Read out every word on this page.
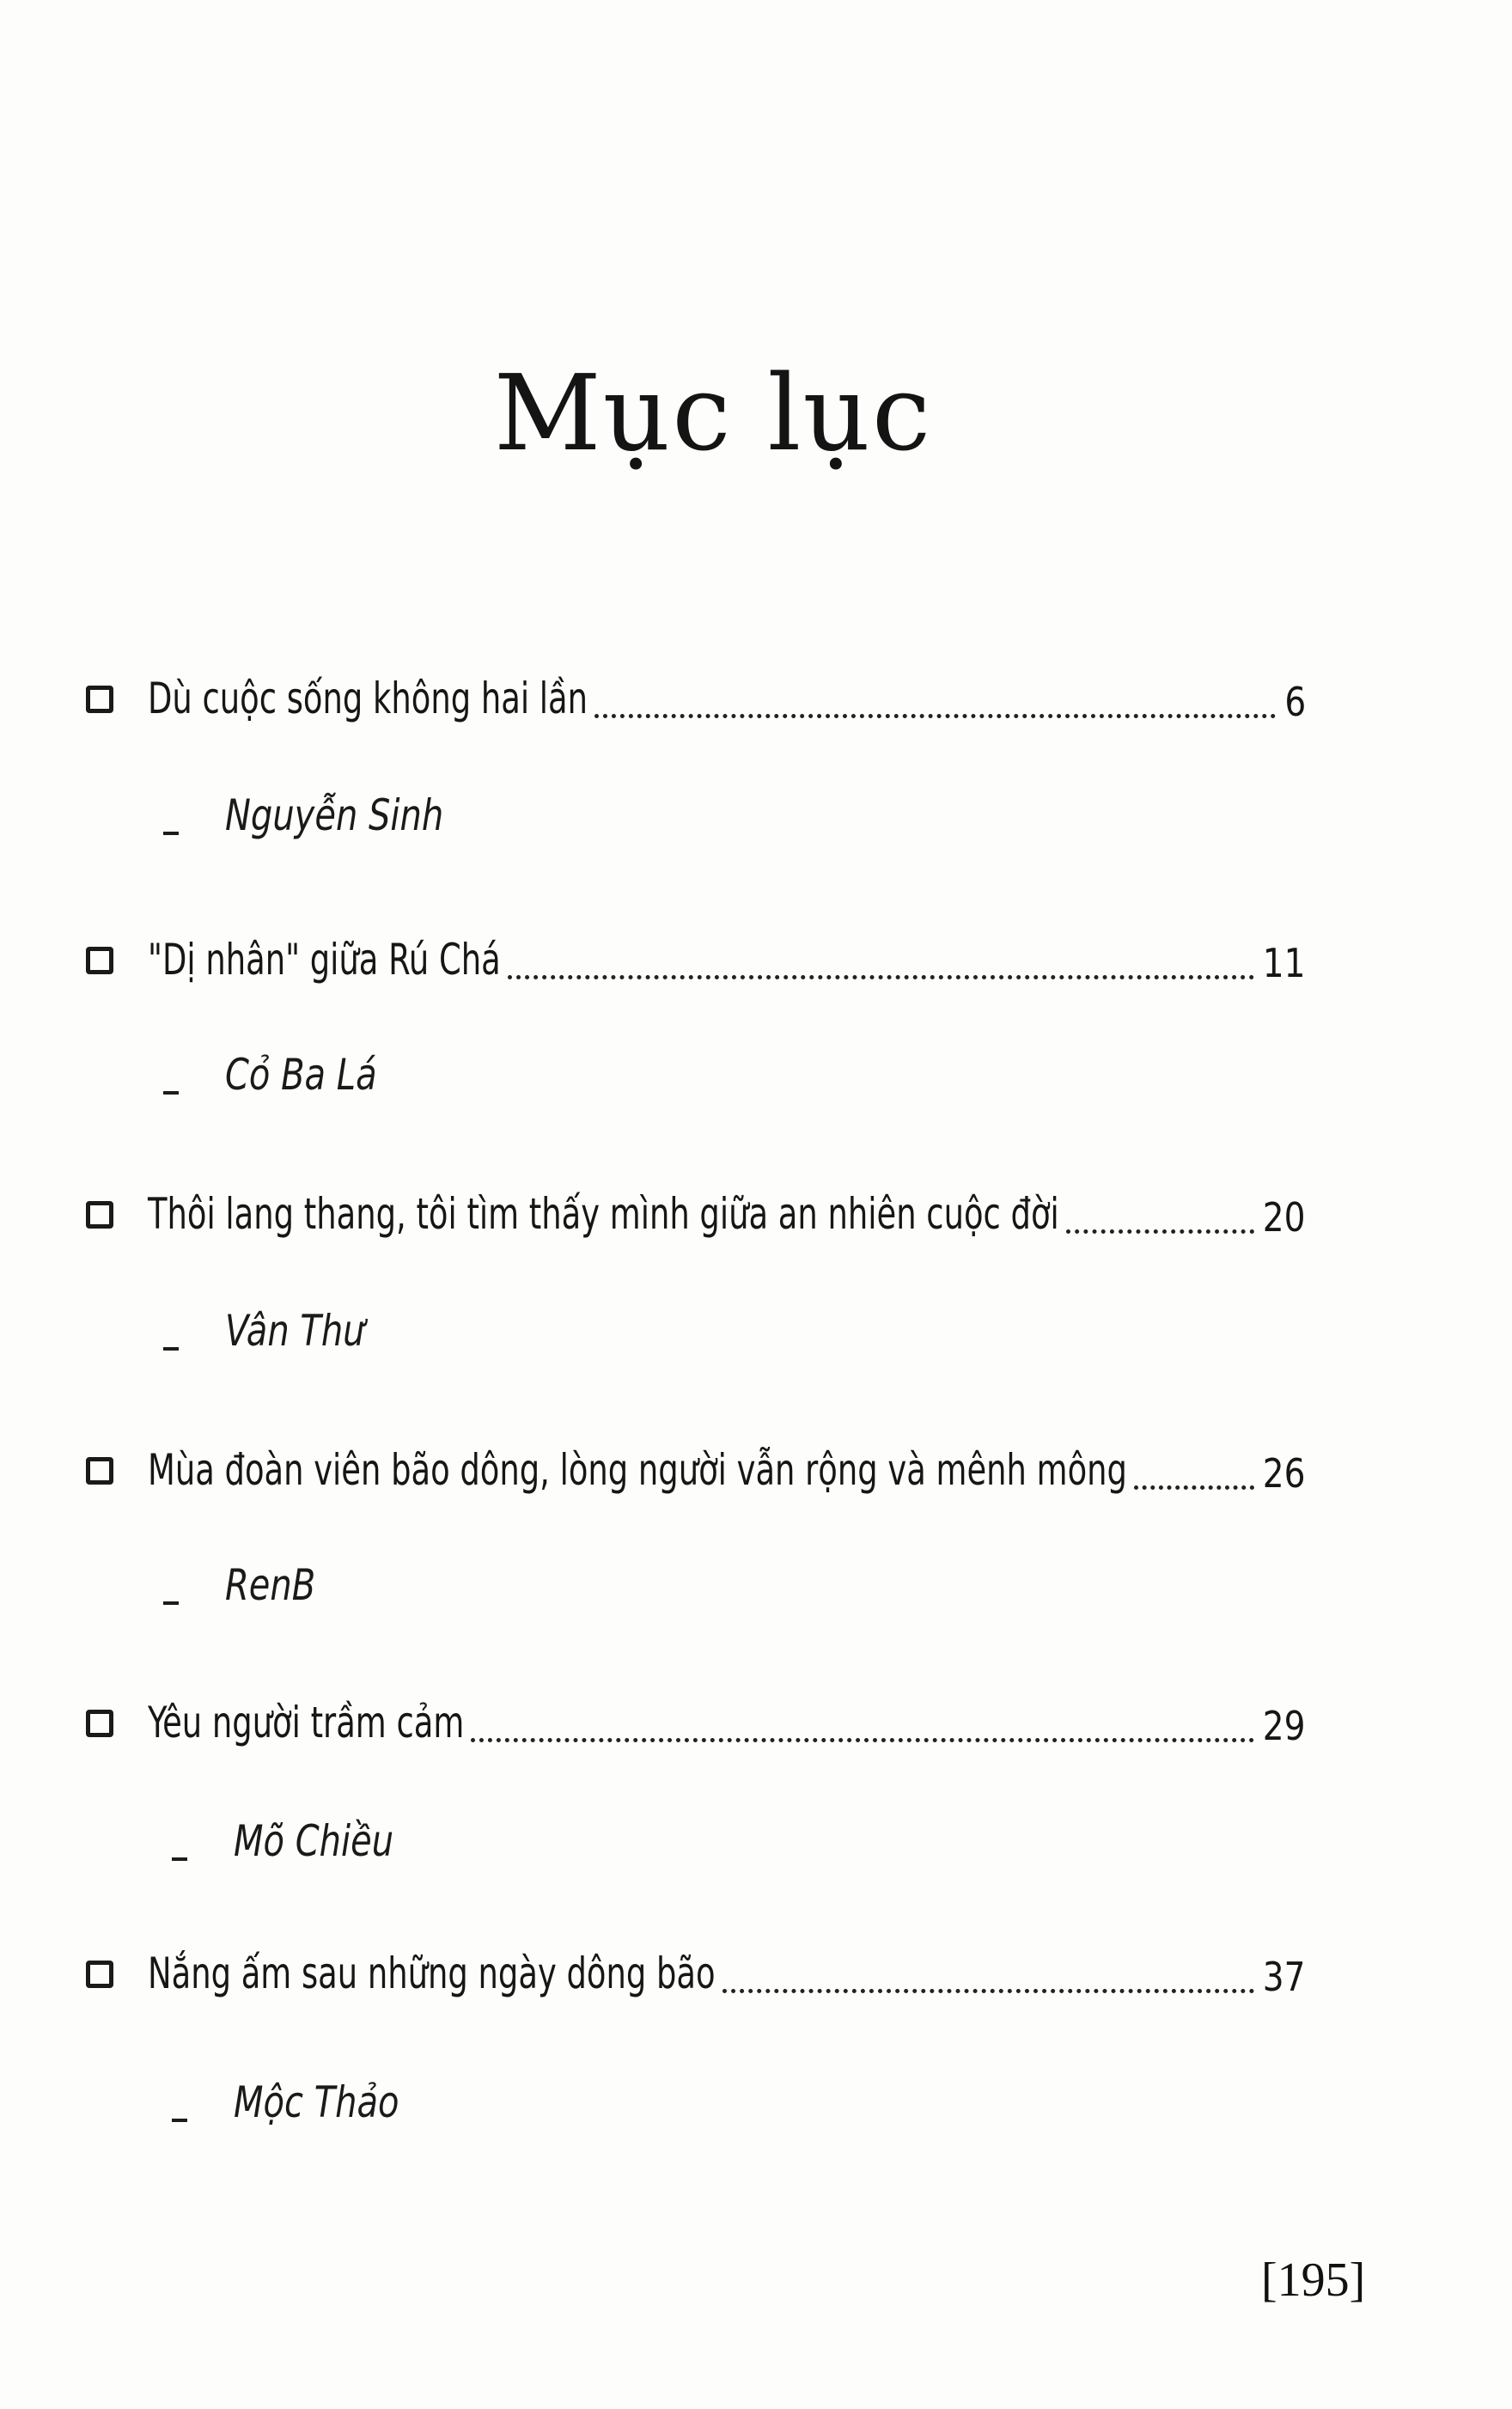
Mục lục
Dù cuộc sống không hai lần	6
Nguyễn Sinh
"Dị nhân" giữa Rú Chá	11
Cỏ Ba Lá
Thôi lang thang, tôi tìm thấy mình giữa an nhiên cuộc đời	20
Vân Thư
Mùa đoàn viên bão dông, lòng người vẫn rộng và mênh mông	26
RenB
Yêu người trầm cảm	29
Mõ Chiều
Nắng ấm sau những ngày dông bão	37
Mộc Thảo
[195]
